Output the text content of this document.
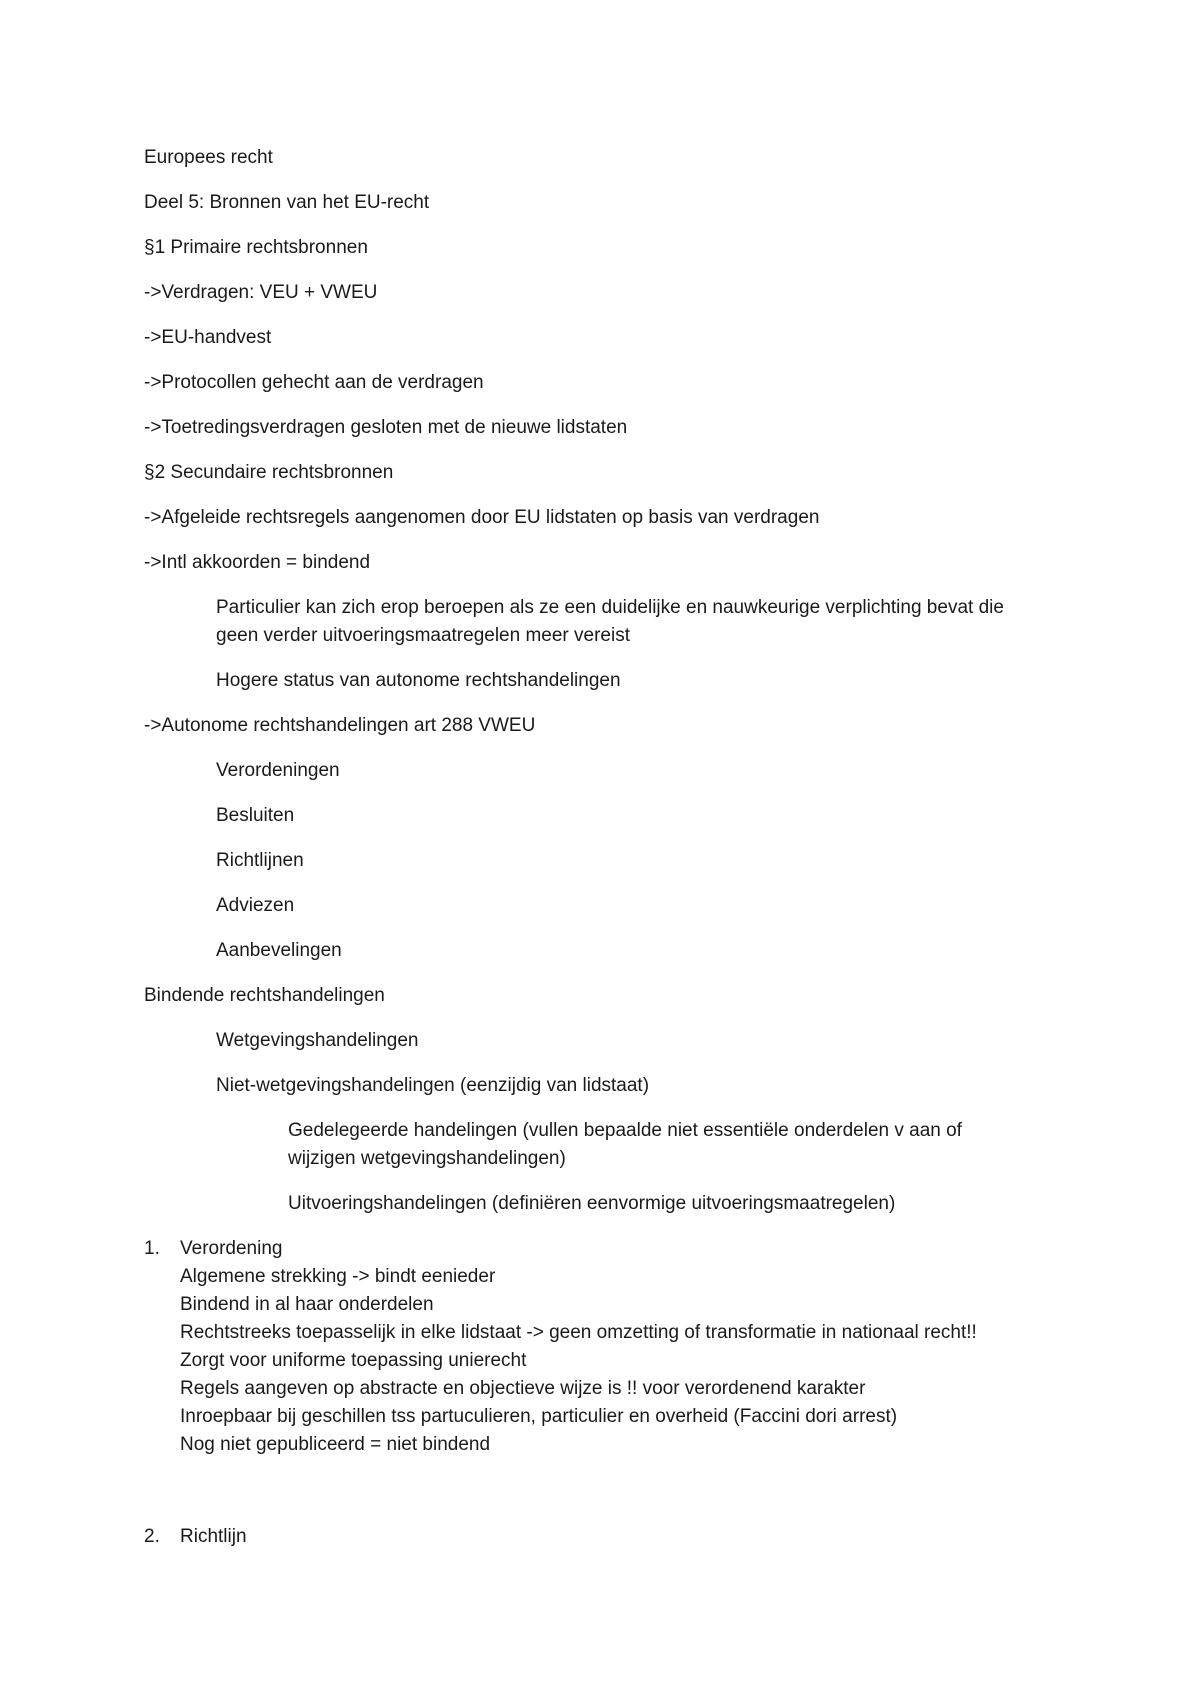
Europees recht
Deel 5: Bronnen van het EU-recht
§1 Primaire rechtsbronnen
->Verdragen: VEU + VWEU
->EU-handvest
->Protocollen gehecht aan de verdragen
->Toetredingsverdragen gesloten met de nieuwe lidstaten
§2 Secundaire rechtsbronnen
->Afgeleide rechtsregels aangenomen door EU lidstaten op basis van verdragen
->Intl akkoorden = bindend
Particulier kan zich erop beroepen als ze een duidelijke en nauwkeurige verplichting bevat die
geen verder uitvoeringsmaatregelen meer vereist
Hogere status van autonome rechtshandelingen
->Autonome rechtshandelingen art 288 VWEU
Verordeningen
Besluiten
Richtlijnen
Adviezen
Aanbevelingen
Bindende rechtshandelingen
Wetgevingshandelingen
Niet-wetgevingshandelingen (eenzijdig van lidstaat)
Gedelegeerde handelingen (vullen bepaalde niet essentiële onderdelen v aan of
wijzigen wetgevingshandelingen)
Uitvoeringshandelingen (definiëren eenvormige uitvoeringsmaatregelen)
1. Verordening
Algemene strekking -> bindt eenieder
Bindend in al haar onderdelen
Rechtstreeks toepasselijk in elke lidstaat -> geen omzetting of transformatie in nationaal recht!!
Zorgt voor uniforme toepassing unierecht
Regels aangeven op abstracte en objectieve wijze is !! voor verordenend karakter
Inroepbaar bij geschillen tss partuculieren, particulier en overheid (Faccini dori arrest)
Nog niet gepubliceerd = niet bindend
2. Richtlijn
